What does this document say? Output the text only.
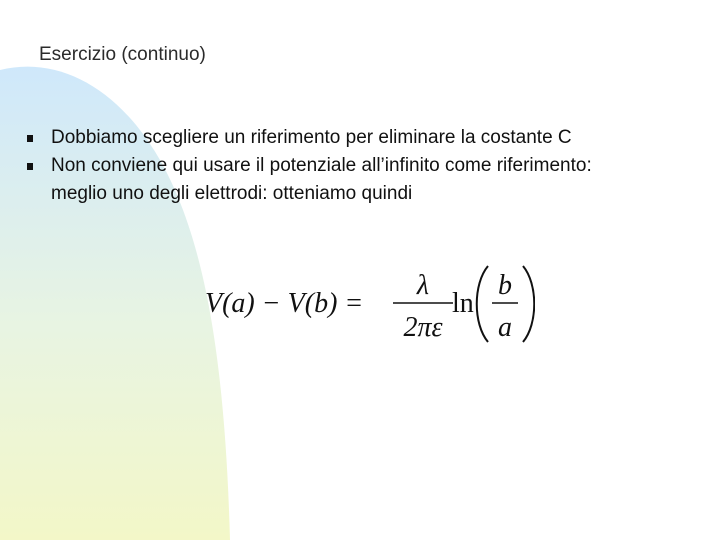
Esercizio (continuo)
Dobbiamo scegliere un riferimento per eliminare la costante C
Non conviene qui usare il potenziale all’infinito come riferimento: meglio uno degli elettrodi: otteniamo quindi
V(a) − V(b) =
λ
2πε
ln
b
a
